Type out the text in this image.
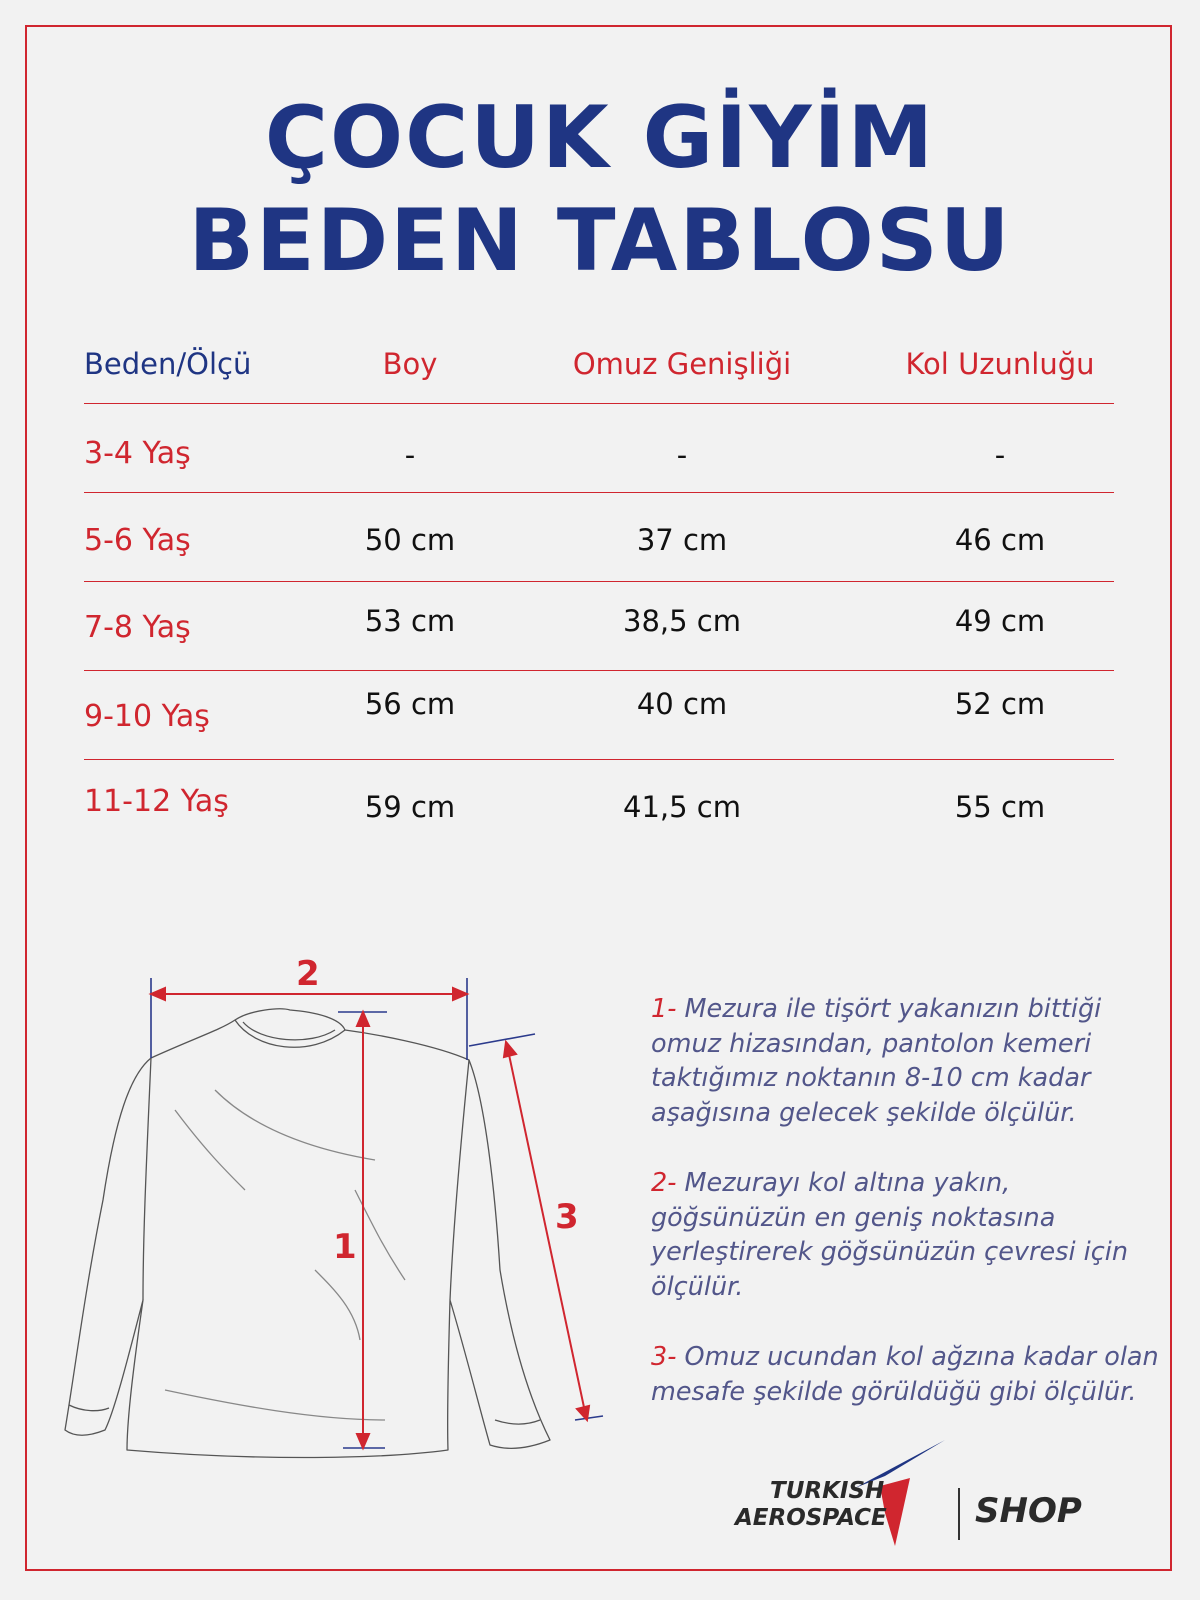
ÇOCUK GİYİM
BEDEN TABLOSU
Beden/Ölçü	Boy	Omuz Genişliği	Kol Uzunluğu
3-4 Yaş	-	-	-
5-6 Yaş	50 cm	37 cm	46 cm
7-8 Yaş	53 cm	38,5 cm	49 cm
9-10 Yaş	56 cm	40 cm	52 cm
11-12 Yaş	59 cm	41,5 cm	55 cm
2
1
3
1- Mezura ile tişört yakanızın bittiği omuz hizasından, pantolon kemeri taktığımız noktanın 8-10 cm kadar aşağısına gelecek şekilde ölçülür.
2- Mezurayı kol altına yakın, göğsünüzün en geniş noktasına yerleştirerek göğsünüzün çevresi için ölçülür.
3- Omuz ucundan kol ağzına kadar olan mesafe şekilde görüldüğü gibi ölçülür.
TURKISH
AEROSPACE	SHOP
